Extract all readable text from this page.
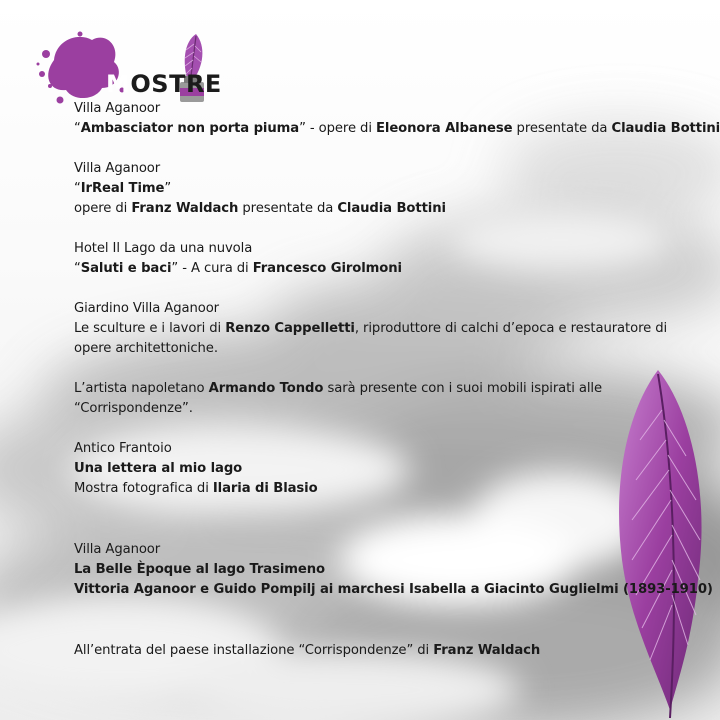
MOSTRE
Villa Aganoor
“Ambasciator non porta piuma” - opere di Eleonora Albanese presentate da Claudia Bottini
Villa Aganoor
“IrReal Time”
opere di Franz Waldach presentate da Claudia Bottini
Hotel Il Lago da una nuvola
“Saluti e baci” - A cura di Francesco Girolmoni
Giardino Villa Aganoor
Le sculture e i lavori di Renzo Cappelletti, riproduttore di calchi d’epoca e restauratore di opere architettoniche.
L’artista napoletano Armando Tondo sarà presente con i suoi mobili ispirati alle “Corrispondenze”.
Antico Frantoio
Una lettera al mio lago
Mostra fotografica di Ilaria di Blasio
Villa Aganoor
La Belle Èpoque al lago Trasimeno
Vittoria Aganoor e Guido Pompilj ai marchesi Isabella a Giacinto Guglielmi (1893-1910)
All’entrata del paese installazione “Corrispondenze” di Franz Waldach
